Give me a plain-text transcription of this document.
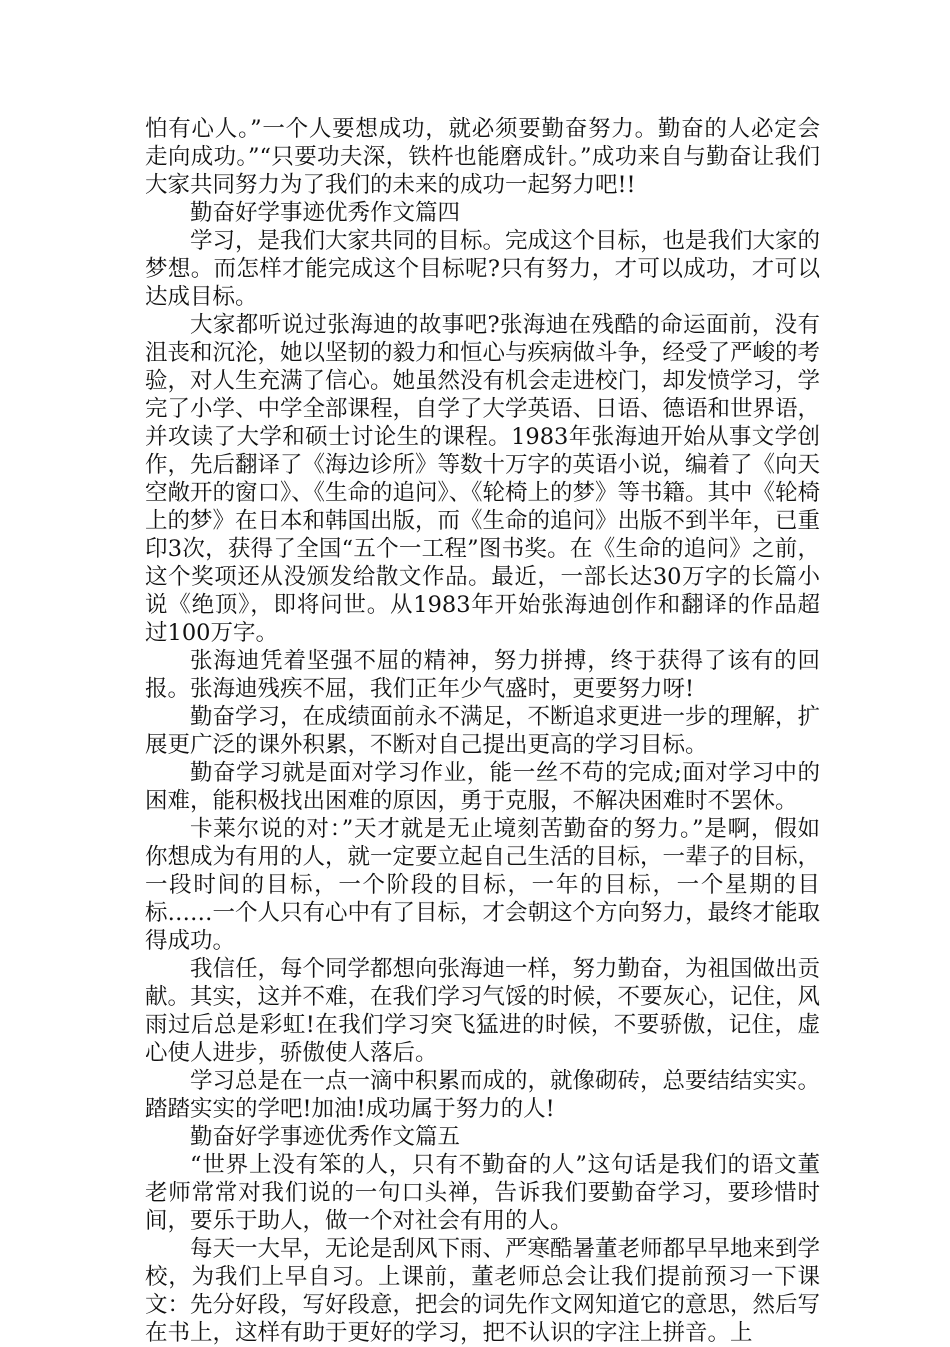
怕有心人。”一个人要想成功，就必须要勤奋努力。勤奋的人必定会走向成功。”“只要功夫深，铁杵也能磨成针。”成功来自与勤奋让我们大家共同努力为了我们的未来的成功一起努力吧!!

勤奋好学事迹优秀作文篇四

学习，是我们大家共同的目标。完成这个目标，也是我们大家的梦想。而怎样才能完成这个目标呢?只有努力，才可以成功，才可以达成目标。

大家都听说过张海迪的故事吧?张海迪在残酷的命运面前，没有沮丧和沉沦，她以坚韧的毅力和恒心与疾病做斗争，经受了严峻的考验，对人生充满了信心。她虽然没有机会走进校门，却发愤学习，学完了小学、中学全部课程，自学了大学英语、日语、德语和世界语，并攻读了大学和硕士讨论生的课程。1983年张海迪开始从事文学创作，先后翻译了《海边诊所》等数十万字的英语小说，编着了《向天空敞开的窗口》、《生命的追问》、《轮椅上的梦》等书籍。其中《轮椅上的梦》在日本和韩国出版，而《生命的追问》出版不到半年，已重印3次，获得了全国“五个一工程”图书奖。在《生命的追问》之前，这个奖项还从没颁发给散文作品。最近，一部长达30万字的长篇小说《绝顶》，即将问世。从1983年开始张海迪创作和翻译的作品超过100万字。

张海迪凭着坚强不屈的精神，努力拼搏，终于获得了该有的回报。张海迪残疾不屈，我们正年少气盛时，更要努力呀!

勤奋学习，在成绩面前永不满足，不断追求更进一步的理解，扩展更广泛的课外积累，不断对自己提出更高的学习目标。

勤奋学习就是面对学习作业，能一丝不苟的完成;面对学习中的困难，能积极找出困难的原因，勇于克服，不解决困难时不罢休。

卡莱尔说的对：”天才就是无止境刻苦勤奋的努力。”是啊，假如你想成为有用的人，就一定要立起自己生活的目标，一辈子的目标，一段时间的目标，一个阶段的目标，一年的目标，一个星期的目标……一个人只有心中有了目标，才会朝这个方向努力，最终才能取得成功。

我信任，每个同学都想向张海迪一样，努力勤奋，为祖国做出贡献。其实，这并不难，在我们学习气馁的时候，不要灰心，记住，风雨过后总是彩虹!在我们学习突飞猛进的时候，不要骄傲，记住，虚心使人进步，骄傲使人落后。

学习总是在一点一滴中积累而成的，就像砌砖，总要结结实实。踏踏实实的学吧!加油!成功属于努力的人!

勤奋好学事迹优秀作文篇五

“世界上没有笨的人，只有不勤奋的人”这句话是我们的语文董老师常常对我们说的一句口头禅，告诉我们要勤奋学习，要珍惜时间，要乐于助人，做一个对社会有用的人。

每天一大早，无论是刮风下雨、严寒酷暑董老师都早早地来到学校，为我们上早自习。上课前，董老师总会让我们提前预习一下课文：先分好段，写好段意，把会的词先作文网知道它的意思，然后写在书上，这样有助于更好的学习，把不认识的字注上拼音。上
